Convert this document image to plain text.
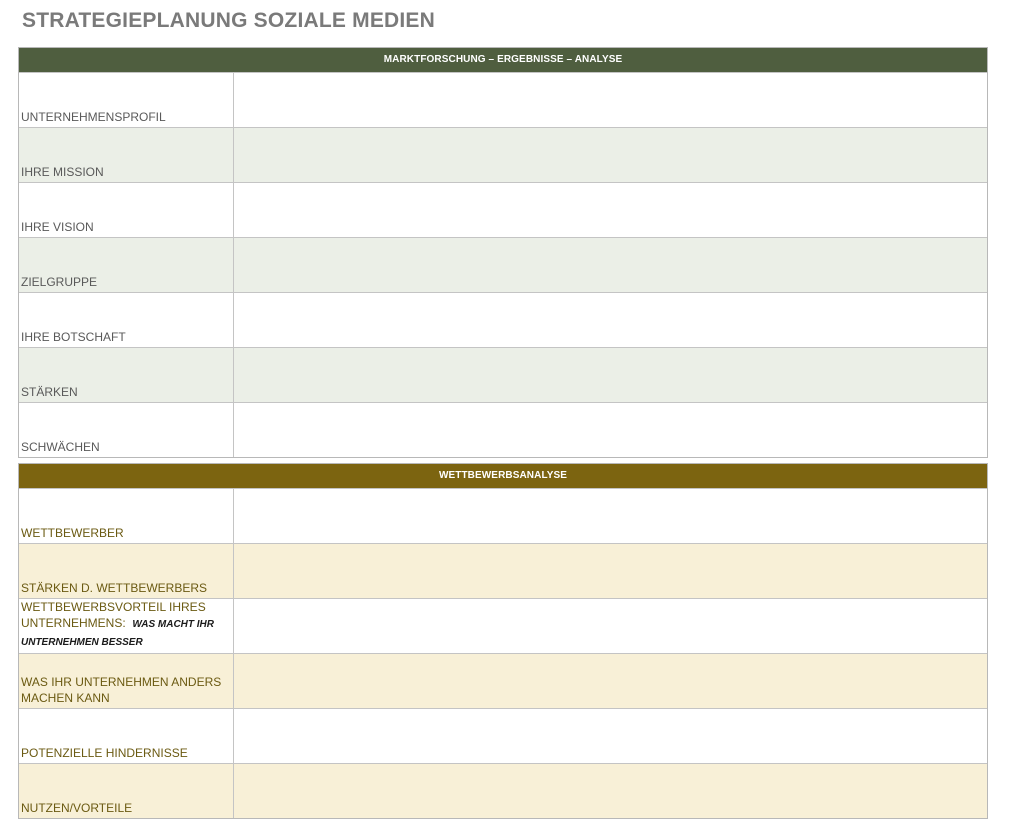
STRATEGIEPLANUNG SOZIALE MEDIEN
MARKTFORSCHUNG – ERGEBNISSE – ANALYSE
UNTERNEHMENSPROFIL
IHRE MISSION
IHRE VISION
ZIELGRUPPE
IHRE BOTSCHAFT
STÄRKEN
SCHWÄCHEN
WETTBEWERBSANALYSE
WETTBEWERBER
STÄRKEN D. WETTBEWERBERS
WETTBEWERBSVORTEIL IHRES UNTERNEHMENS: WAS MACHT IHR UNTERNEHMEN BESSER
WAS IHR UNTERNEHMEN ANDERS MACHEN KANN
POTENZIELLE HINDERNISSE
NUTZEN/VORTEILE
